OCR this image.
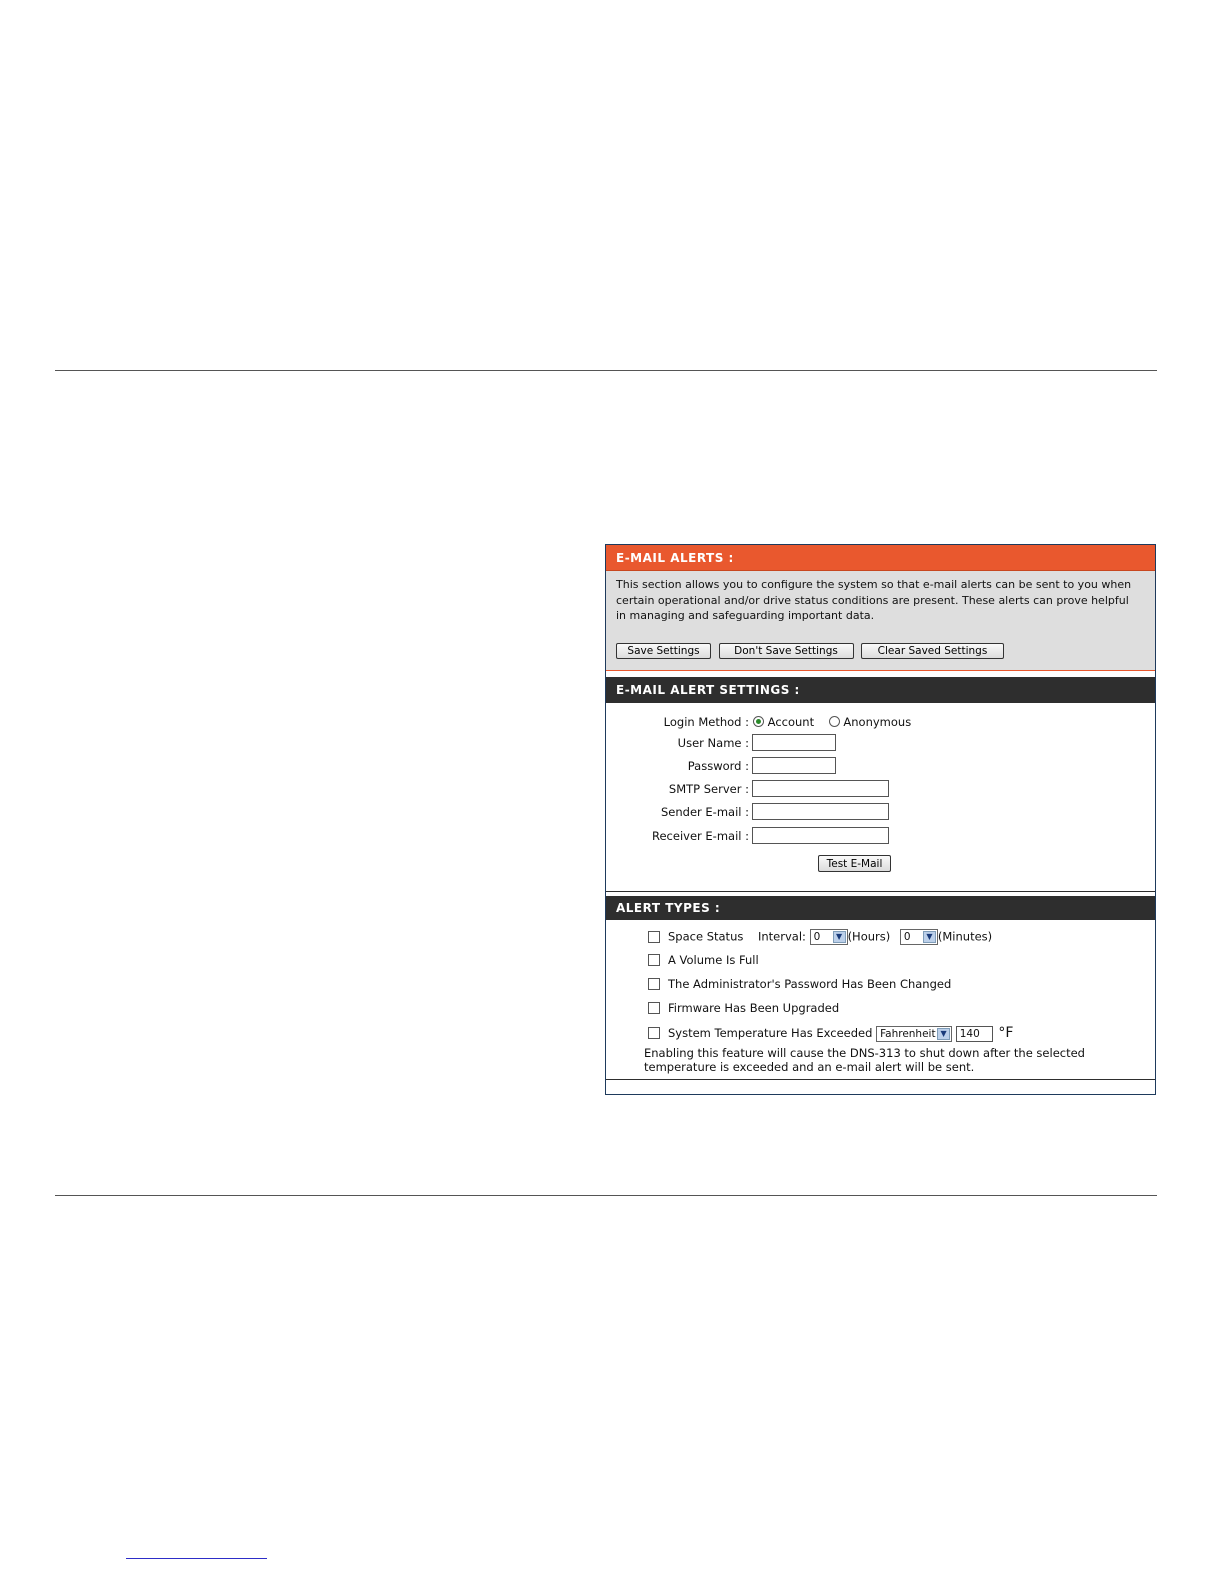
E-MAIL ALERTS :

This section allows you to configure the system so that e-mail alerts can be sent to you when certain operational and/or drive status conditions are present. These alerts can prove helpful in managing and safeguarding important data.

Save Settings	Don't Save Settings	Clear Saved Settings
E-MAIL ALERT SETTINGS :
Login Method :	Account	Anonymous
User Name :
Password :
SMTP Server :
Sender E-mail :
Receiver E-mail :
Test E-Mail
ALERT TYPES :
Space Status Interval: 0	▼ (Hours) 0	▼ (Minutes)
A Volume Is Full
The Administrator's Password Has Been Changed
Firmware Has Been Upgraded
System Temperature Has Exceeded Fahrenheit ▼	140 °F
Enabling this feature will cause the DNS-313 to shut down after the selected temperature is exceeded and an e-mail alert will be sent.
